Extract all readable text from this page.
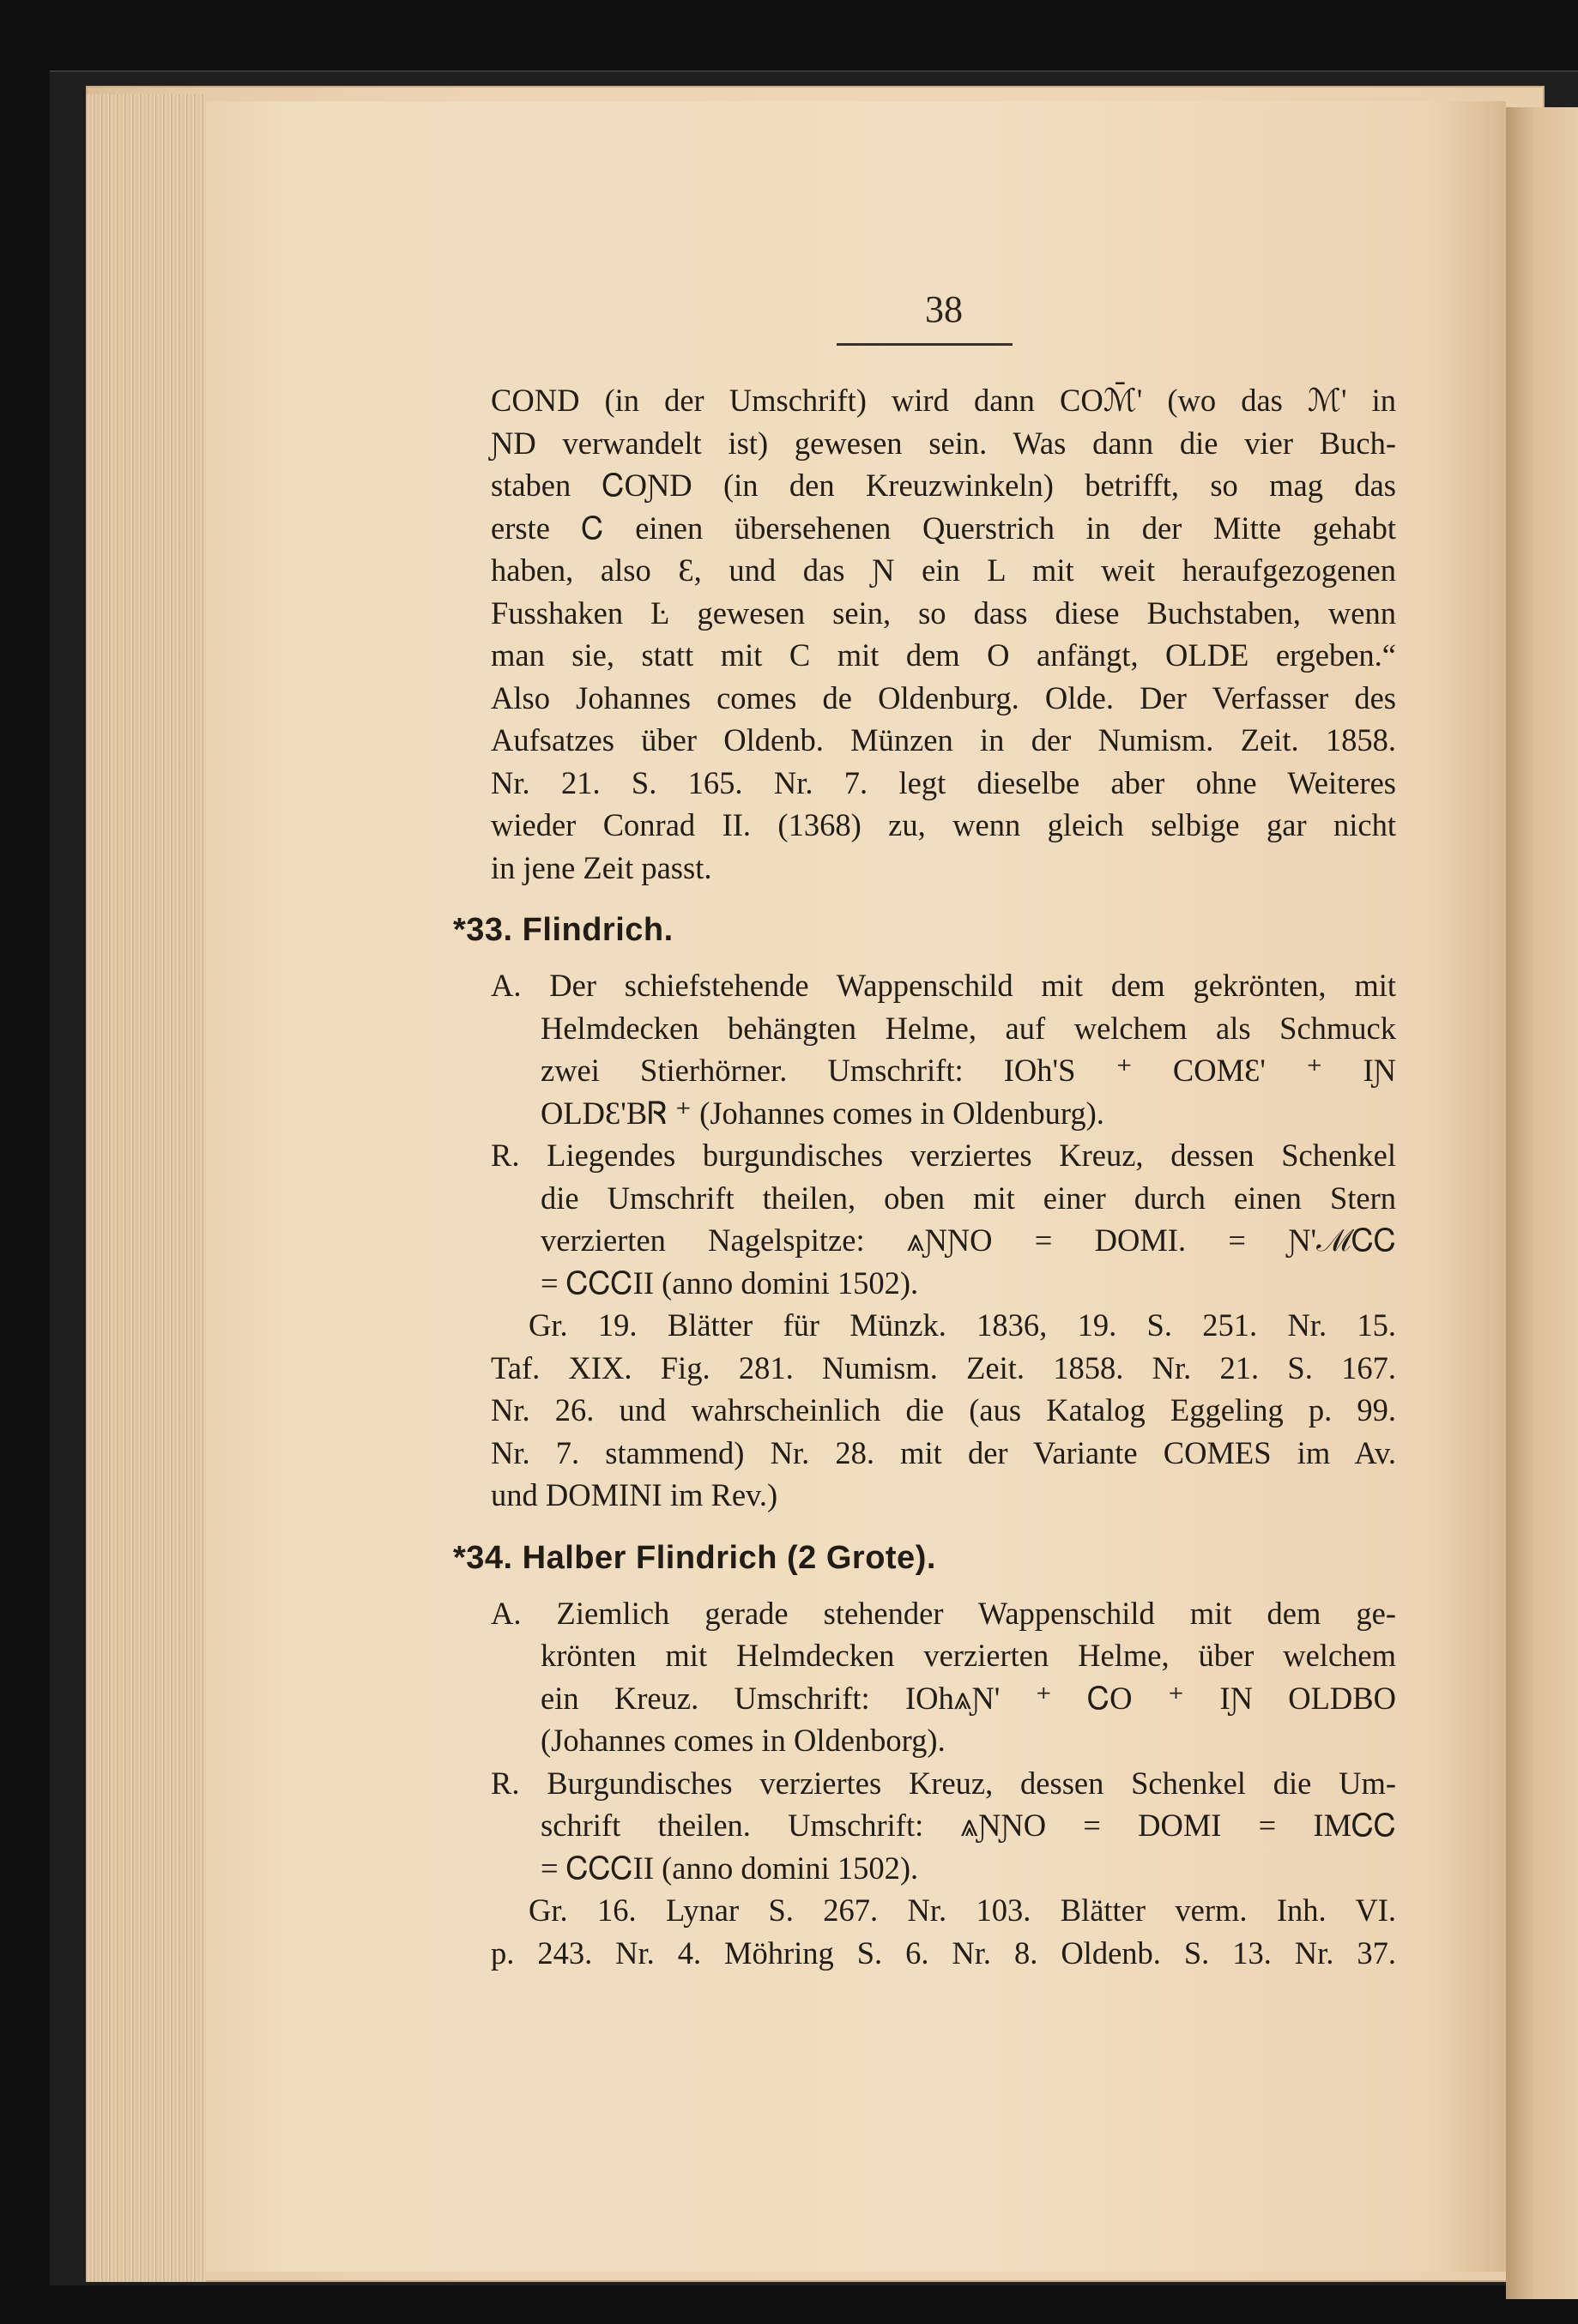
38
COND (in der Umschrift) wird dann COℳ̄' (wo das ℳ' in
ƝD verwandelt ist) gewesen sein. Was dann die vier Buch-
staben ᏟOƝD (in den Kreuzwinkeln) betrifft, so mag das
erste Ꮯ einen übersehenen Querstrich in der Mitte gehabt
haben, also Ɛ, und das Ɲ ein L mit weit heraufgezogenen
Fusshaken Ŀ gewesen sein, so dass diese Buchstaben, wenn
man sie, statt mit C mit dem O anfängt, OLDE ergeben.“
Also Johannes comes de Oldenburg. Olde. Der Verfasser des
Aufsatzes über Oldenb. Münzen in der Numism. Zeit. 1858.
Nr. 21. S. 165. Nr. 7. legt dieselbe aber ohne Weiteres
wieder Conrad II. (1368) zu, wenn gleich selbige gar nicht
in jene Zeit passt.
*33. Flindrich.
A. Der schiefstehende Wappenschild mit dem gekrönten, mit
Helmdecken behängten Helme, auf welchem als Schmuck
zwei Stierhörner. Umschrift: IOh'S ⁺ COMƐ' ⁺ IƝ
OLDƐ'BᏒ ⁺ (Johannes comes in Oldenburg).
R. Liegendes burgundisches verziertes Kreuz, dessen Schenkel
die Umschrift theilen, oben mit einer durch einen Stern
verzierten Nagelspitze: ⩓ƝƝO = DOMI. = Ɲ'ℳᏟᏟ
= ᏟᏟᏟII (anno domini 1502).
Gr. 19. Blätter für Münzk. 1836, 19. S. 251. Nr. 15.
Taf. XIX. Fig. 281. Numism. Zeit. 1858. Nr. 21. S. 167.
Nr. 26. und wahrscheinlich die (aus Katalog Eggeling p. 99.
Nr. 7. stammend) Nr. 28. mit der Variante COMES im Av.
und DOMINI im Rev.)
*34. Halber Flindrich (2 Grote).
A. Ziemlich gerade stehender Wappenschild mit dem ge-
krönten mit Helmdecken verzierten Helme, über welchem
ein Kreuz. Umschrift: IOh⩓Ɲ' ⁺ ᏟO ⁺ IƝ OLDBO
(Johannes comes in Oldenborg).
R. Burgundisches verziertes Kreuz, dessen Schenkel die Um-
schrift theilen. Umschrift: ⩓ƝƝO = DOMI = IMᏟᏟ
= ᏟᏟᏟII (anno domini 1502).
Gr. 16. Lynar S. 267. Nr. 103. Blätter verm. Inh. VI.
p. 243. Nr. 4. Möhring S. 6. Nr. 8. Oldenb. S. 13. Nr. 37.
